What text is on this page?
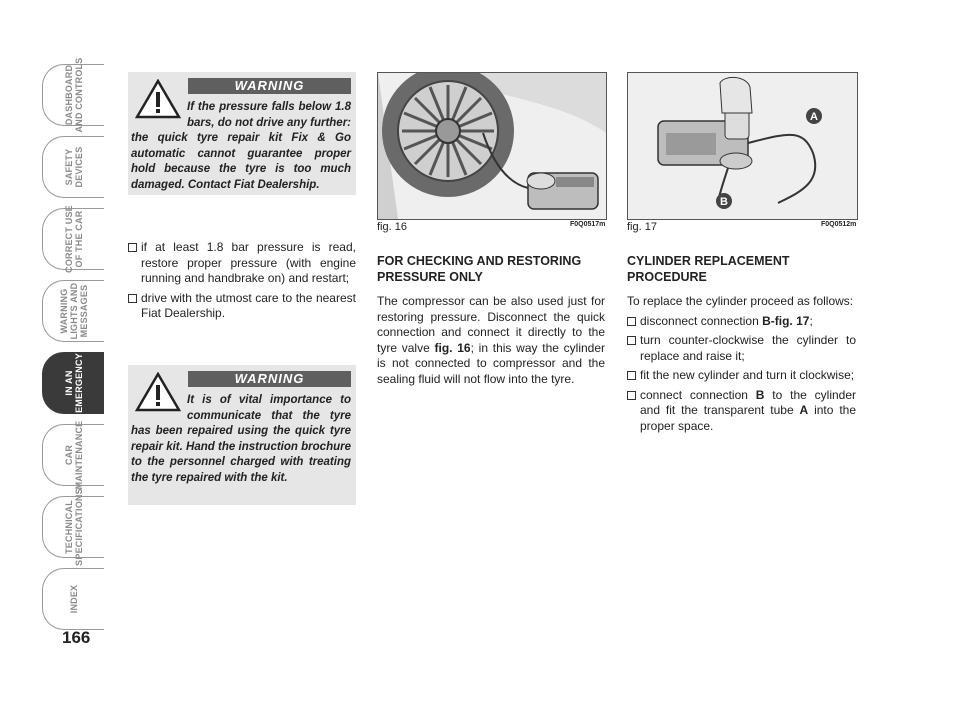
DASHBOARD
AND CONTROLS
SAFETY
DEVICES
CORRECT USE
OF THE CAR
WARNING
LIGHTS AND
MESSAGES
IN AN
EMERGENCY
CAR
MAINTENANCE
TECHNICAL
SPECIFICATIONS
INDEX
166
WARNING
If the pressure falls below 1.8 bars, do not drive any further: the quick tyre repair kit Fix & Go automatic cannot guarantee proper hold because the tyre is too much damaged. Contact Fiat Dealership.

if at least 1.8 bar pressure is read, restore proper pressure (with engine running and handbrake on) and restart;

drive with the utmost care to the nearest Fiat Dealership.

WARNING
It is of vital importance to communicate that the tyre has been repaired using the quick tyre repair kit. Hand the instruction brochure to the personnel charged with treating the tyre repaired with the kit.
fig. 16	F0Q0517m
A
B
fig. 17	F0Q0512m
FOR CHECKING AND RESTORING PRESSURE ONLY

The compressor can be also used just for restoring pressure. Disconnect the quick connection and connect it directly to the tyre valve fig. 16; in this way the cylinder is not connected to compressor and the sealing fluid will not flow into the tyre.

CYLINDER REPLACEMENT PROCEDURE

To replace the cylinder proceed as follows:

disconnect connection B-fig. 17;

turn counter-clockwise the cylinder to replace and raise it;

fit the new cylinder and turn it clockwise;

connect connection B to the cylinder and fit the transparent tube A into the proper space.
